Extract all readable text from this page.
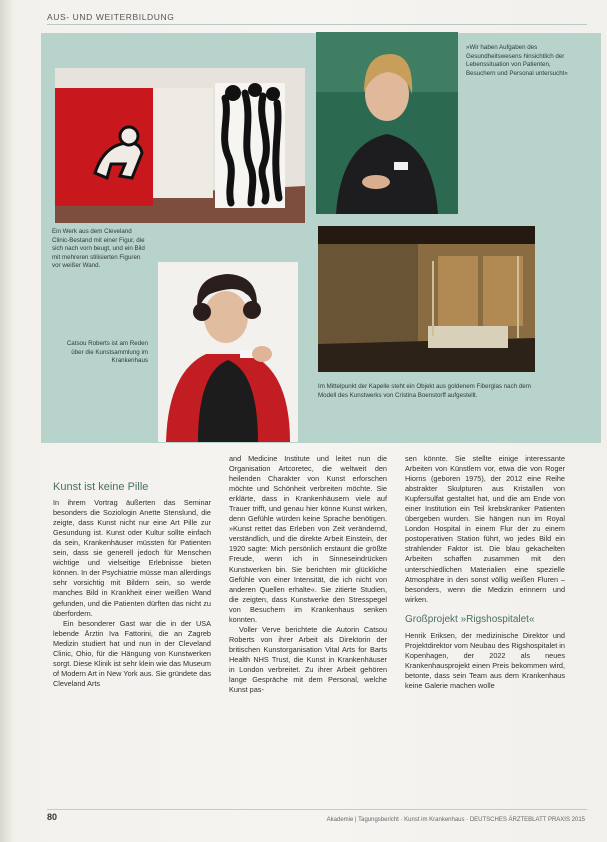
AUS- UND WEITERBILDUNG
»Wir haben Aufgaben des Gesundheitswesens hinsichtlich der Lebenssituation von Patienten, Besuchern und Personal untersucht«
Ein Werk aus dem Cleveland Clinic-Bestand mit einer Figur, die sich nach vorn beugt, und ein Bild mit mehreren stilisierten Figuren vor weißer Wand.
Catsou Roberts ist am Reden über die Kunstsammlung im Krankenhaus
Im Mittelpunkt der Kapelle steht ein Objekt aus goldenem Fiberglas nach dem Modell des Kunstwerks von Cristina Boenstorff aufgestellt.
Kunst ist keine Pille

In ihrem Vortrag äußerten das Seminar besonders die Soziologin Anette Stenslund, die zeigte, dass Kunst nicht nur eine Art Pille zur Gesundung ist. Kunst oder Kultur sollte einfach da sein, Krankenhäuser müssten für Patienten sein, dass sie generell jedoch für Menschen wichtige und vielseitige Erlebnisse bieten können. In der Psychiatrie müsse man allerdings sehr vorsichtig mit Bildern sein, so werde manches Bild in Krankheit einer weißen Wand gefunden, und die Patienten dürften das nicht zu überfordern.

Ein besonderer Gast war die in der USA lebende Ärztin Iva Fattorini, die an Zagreb Medizin studiert hat und nun in der Cleveland Clinic, Ohio, für die Hängung von Kunstwerken sorgt. Diese Klinik ist sehr klein wie das Museum of Modern Art in New York aus. Sie gründete das Cleveland Arts

and Medicine Institute und leitet nun die Organisation Artcoretec, die weltweit den heilenden Charakter von Kunst erforschen möchte und Schönheit verbreiten möchte. Sie erklärte, dass in Krankenhäusern viele auf Trauer trifft, und genau hier könne Kunst wirken, denn Gefühle würden keine Sprache benötigen. »Kunst rettet das Erleben von Zeit verändernd, verständlich, und die direkte Arbeit Einstein, der 1920 sagte: Mich persönlich erstaunt die größte Freude, wenn ich in Sinneseindrücken Kunstwerken bin. Sie berichten mir glückliche Gefühle von einer Intensität, die ich nicht von anderen Quellen erhalte«. Sie zitierte Studien, die zeigten, dass Kunstwerke den Stresspegel von Besuchern im Krankenhaus senken konnten.

Voller Verve berichtete die Autorin Catsou Roberts von ihrer Arbeit als Direktorin der britischen Kunstorganisation Vital Arts for Barts Health NHS Trust, die Kunst in Krankenhäuser in London verbreitet. Zu ihrer Arbeit gehören lange Gespräche mit dem Personal, welche Kunst pas-

sen könnte. Sie stellte einige interessante Arbeiten von Künstlern vor, etwa die von Roger Hiorns (geboren 1975), der 2012 eine Reihe abstrakter Skulpturen aus Kristallen von Kupfersulfat gestaltet hat, und die am Ende von einer Institution ein Teil krebskranker Patienten übergeben wurden. Sie hängen nun im Royal London Hospital in einem Flur der zu einem postoperativen Station führt, wo jedes Bild ein strahlender Faktor ist. Die blau gekachelten Arbeiten schaffen zusammen mit den unterschiedlichen Materialien eine spezielle Atmosphäre in den sonst völlig weißen Fluren – besonders, wenn die Medizin erinnern und wirken.

Großprojekt »Rigshospitalet«

Henrik Eriksen, der medizinische Direktor und Projektdirektor vom Neubau des Rigshospitalet in Kopenhagen, der 2022 als neues Krankenhausprojekt einen Preis bekommen wird, betonte, dass sein Team aus dem Krankenhaus keine Galerie machen wolle

80	Akademie | Tagungsbericht · Kunst im Krankenhaus · DEUTSCHES ÄRZTEBLATT PRAXIS 2015
